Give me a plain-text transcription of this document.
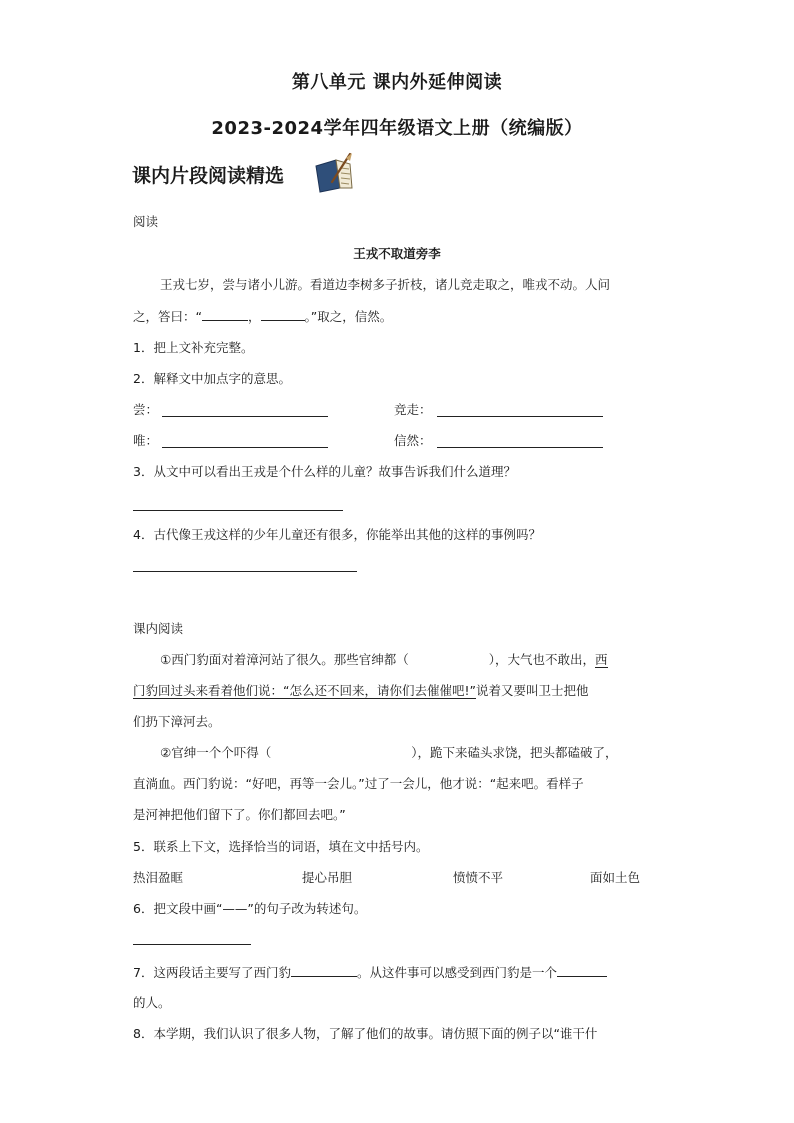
第八单元 课内外延伸阅读
2023-2024学年四年级语文上册（统编版）
课内片段阅读精选
阅读
王戎不取道旁李
王戎七岁，尝与诸小儿游。看道边李树多子折枝，诸儿竞走取之，唯戎不动。人问
之，答曰：“	，	。”取之，信然。
1．把上文补充完整。
2．解释文中加点字的意思。
尝：	竞走：
唯：	信然：
3．从文中可以看出王戎是个什么样的儿童？故事告诉我们什么道理？
4．古代像王戎这样的少年儿童还有很多，你能举出其他的这样的事例吗？
课内阅读
①西门豹面对着漳河站了很久。那些官绅都（	），大气也不敢出，西
门豹回过头来看着他们说：“怎么还不回来，请你们去催催吧!”说着又要叫卫士把他
们扔下漳河去。
②官绅一个个吓得（	），跪下来磕头求饶，把头都磕破了，
直淌血。西门豹说：“好吧，再等一会儿。”过了一会儿，他才说：“起来吧。看样子
是河神把他们留下了。你们都回去吧。”
5．联系上下文，选择恰当的词语，填在文中括号内。
热泪盈眶	提心吊胆	愤愤不平	面如土色
6．把文段中画“——”的句子改为转述句。
7．这两段话主要写了西门豹	。从这件事可以感受到西门豹是一个
的人。
8．本学期，我们认识了很多人物，了解了他们的故事。请仿照下面的例子以“谁干什
